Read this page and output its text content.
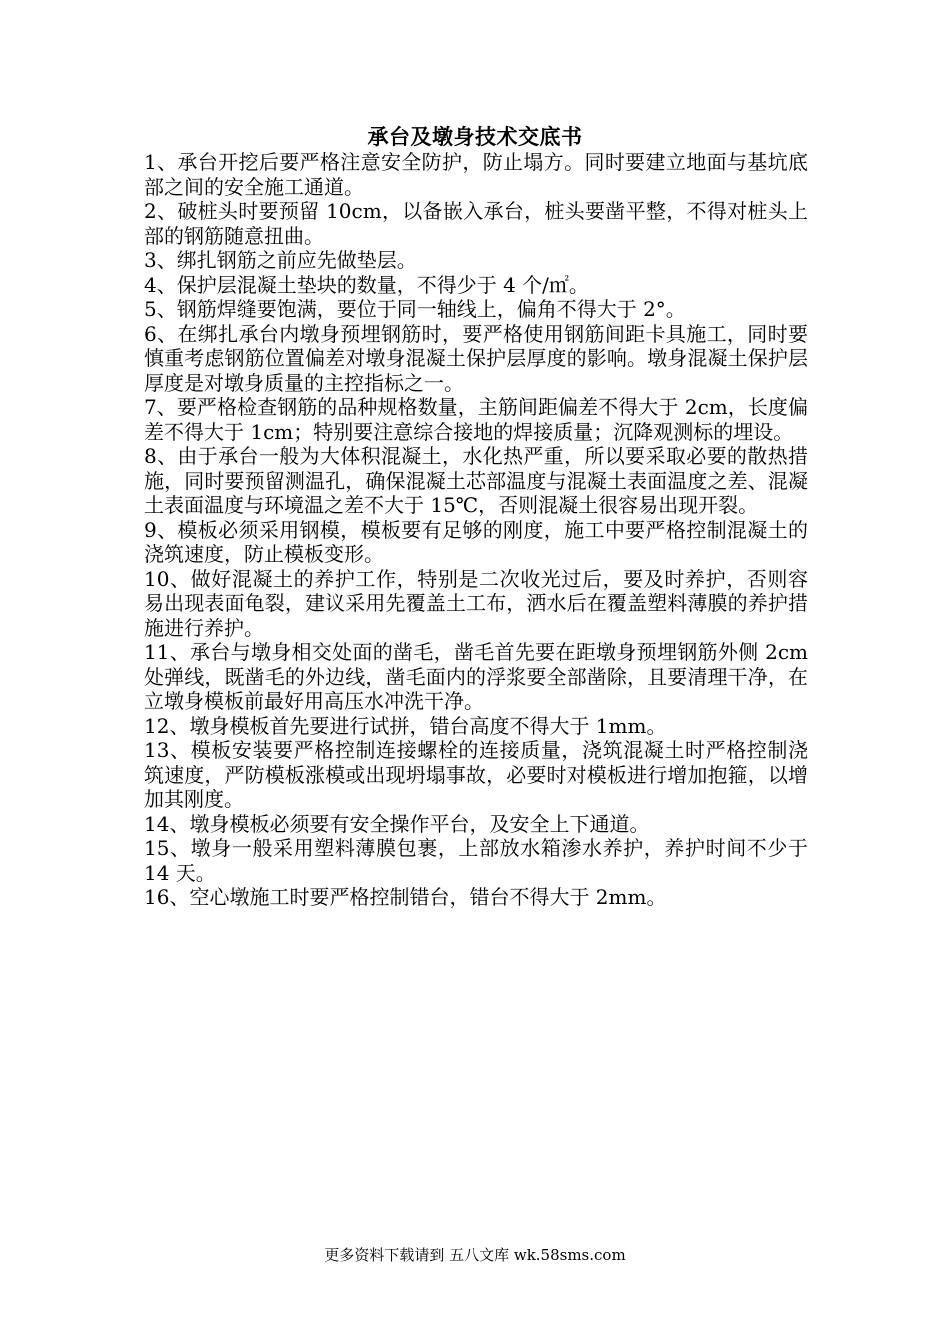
承台及墩身技术交底书

1、承台开挖后要严格注意安全防护，防止塌方。同时要建立地面与基坑底部之间的安全施工通道。

2、破桩头时要预留 10cm，以备嵌入承台，桩头要凿平整，不得对桩头上部的钢筋随意扭曲。

3、绑扎钢筋之前应先做垫层。

4、保护层混凝土垫块的数量，不得少于 4 个/㎡。

5、钢筋焊缝要饱满，要位于同一轴线上，偏角不得大于 2°。

6、在绑扎承台内墩身预埋钢筋时，要严格使用钢筋间距卡具施工，同时要慎重考虑钢筋位置偏差对墩身混凝土保护层厚度的影响。墩身混凝土保护层厚度是对墩身质量的主控指标之一。

7、要严格检查钢筋的品种规格数量，主筋间距偏差不得大于 2cm，长度偏差不得大于 1cm；特别要注意综合接地的焊接质量；沉降观测标的埋设。

8、由于承台一般为大体积混凝土，水化热严重，所以要采取必要的散热措施，同时要预留测温孔，确保混凝土芯部温度与混凝土表面温度之差、混凝土表面温度与环境温之差不大于 15℃，否则混凝土很容易出现开裂。

9、模板必须采用钢模，模板要有足够的刚度，施工中要严格控制混凝土的浇筑速度，防止模板变形。

10、做好混凝土的养护工作，特别是二次收光过后，要及时养护，否则容易出现表面龟裂，建议采用先覆盖土工布，洒水后在覆盖塑料薄膜的养护措施进行养护。

11、承台与墩身相交处面的凿毛，凿毛首先要在距墩身预埋钢筋外侧 2cm 处弹线，既凿毛的外边线，凿毛面内的浮浆要全部凿除，且要清理干净，在立墩身模板前最好用高压水冲洗干净。

12、墩身模板首先要进行试拼，错台高度不得大于 1mm。

13、模板安装要严格控制连接螺栓的连接质量，浇筑混凝土时严格控制浇筑速度，严防模板涨模或出现坍塌事故，必要时对模板进行增加抱箍，以增加其刚度。

14、墩身模板必须要有安全操作平台，及安全上下通道。

15、墩身一般采用塑料薄膜包裹，上部放水箱渗水养护，养护时间不少于 14 天。

16、空心墩施工时要严格控制错台，错台不得大于 2mm。

更多资料下载请到 五八文库 wk.58sms.com
